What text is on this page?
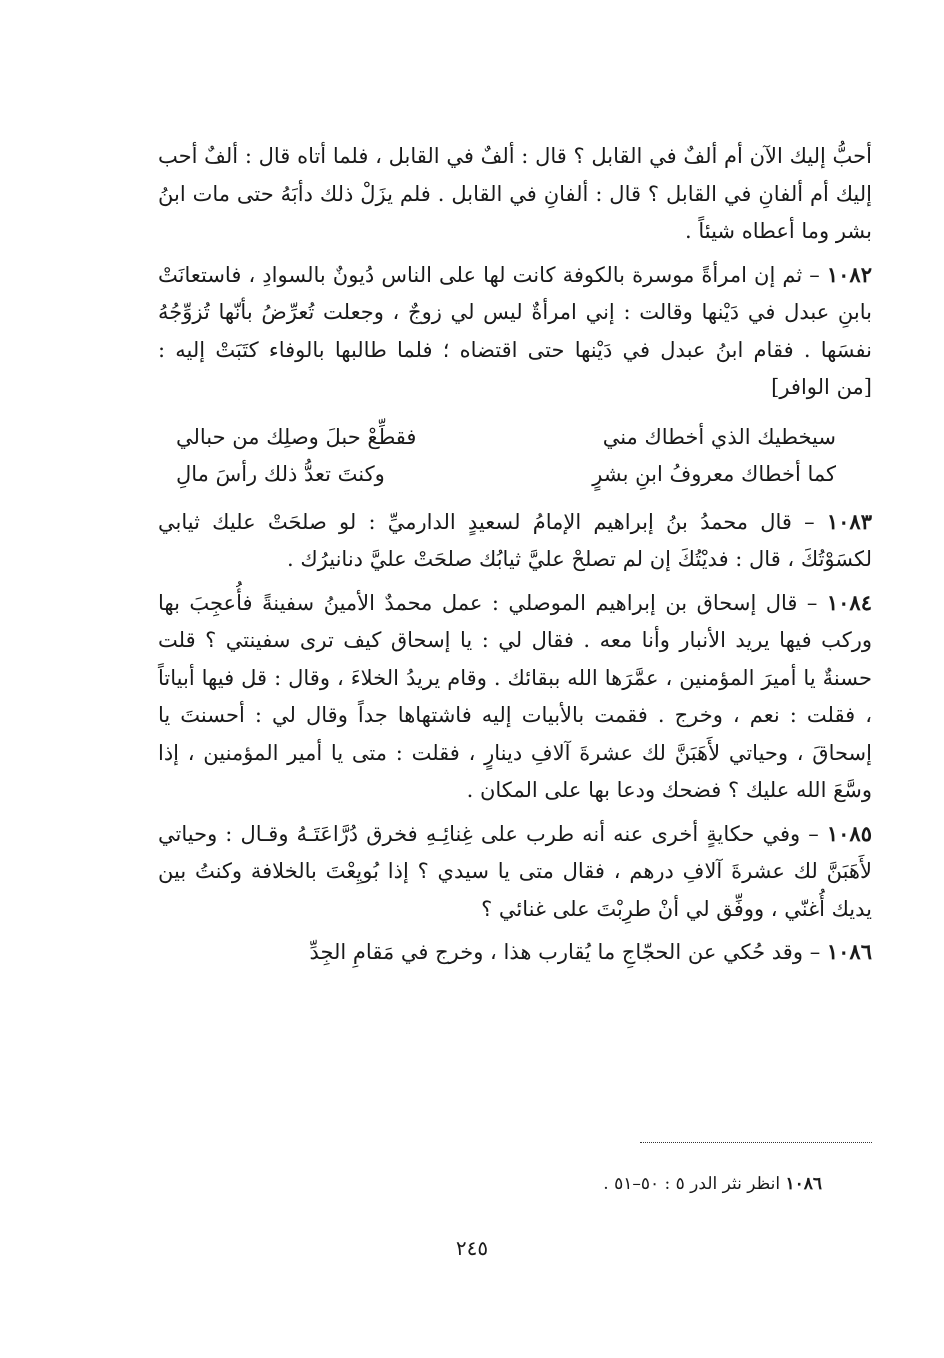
أحبُّ إليك الآن أم ألفٌ في القابل ؟ قال : ألفٌ في القابل ، فلما أتاه قال : ألفٌ أحب إليك أم ألفانِ في القابل ؟ قال : ألفانِ في القابل . فلم يزَلْ ذلك دأبَهُ حتى مات ابنُ بشر وما أعطاه شيئاً .

١٠٨٢ – ثم إن امرأةً موسرة بالكوفة كانت لها على الناس دُيونٌ بالسوادِ ، فاستعانَتْ بابنِ عبدل في دَيْنها وقالت : إني امرأةٌ ليس لي زوجٌ ، وجعلت تُعرِّضُ بأنّها تُزوِّجُهُ نفسَها . فقام ابنُ عبدل في دَيْنها حتى اقتضاه ؛ فلما طالبها بالوفاء كتَبَتْ إليه : [من الوافر]

سيخطيك الذي أخطاك مني
فقطِّعْ حبلَ وصلِك من حبالي
كما أخطاك معروفُ ابنِ بشرٍ
وكنتَ تعدُّ ذلك رأسَ مالِ

١٠٨٣ – قال محمدُ بنُ إبراهيم الإمامُ لسعيدٍ الدارميِّ : لو صلحَتْ عليك ثيابي لكسَوْتُكَ ، قال : فديْتُكَ إن لم تصلحْ عليَّ ثيابُك صلحَتْ عليَّ دنانيرُك .

١٠٨٤ – قال إسحاق بن إبراهيم الموصلي : عمل محمدٌ الأمينُ سفينةً فأُعجِبَ بها وركب فيها يريد الأنبار وأنا معه . فقال لي : يا إسحاق كيف ترى سفينتي ؟ قلت حسنةٌ يا أميرَ المؤمنين ، عمَّرَها الله ببقائك . وقام يريدُ الخلاءَ ، وقال : قل فيها أبياتاً ، فقلت : نعم ، وخرج . فقمت بالأبيات إليه فاشتهاها جداً وقال لي : أحسنتَ يا إسحاقَ ، وحياتي لأَهَبَنَّ لك عشرةَ آلافِ دينارٍ ، فقلت : متى يا أمير المؤمنين ، إذا وسَّعَ الله عليك ؟ فضحك ودعا بها على المكان .

١٠٨٥ – وفي حكايةٍ أخرى عنه أنه طرب على غِنائِـهِ فخرق دُرَّاعَتَـهُ وقـال : وحياتي لأَهَبَنَّ لك عشرةَ آلافِ درهم ، فقال متى يا سيدي ؟ إذا بُويِعْتَ بالخلافة وكنتُ بين يديك أُغنّي ، ووفِّق لي أنْ طرِبْتَ على غنائي ؟

١٠٨٦ – وقد حُكي عن الحجّاجِ ما يُقارب هذا ، وخرج في مَقامِ الجِدِّ

١٠٨٦ انظر نثر الدر ٥ : ٥٠–٥١ .
٢٤٥
